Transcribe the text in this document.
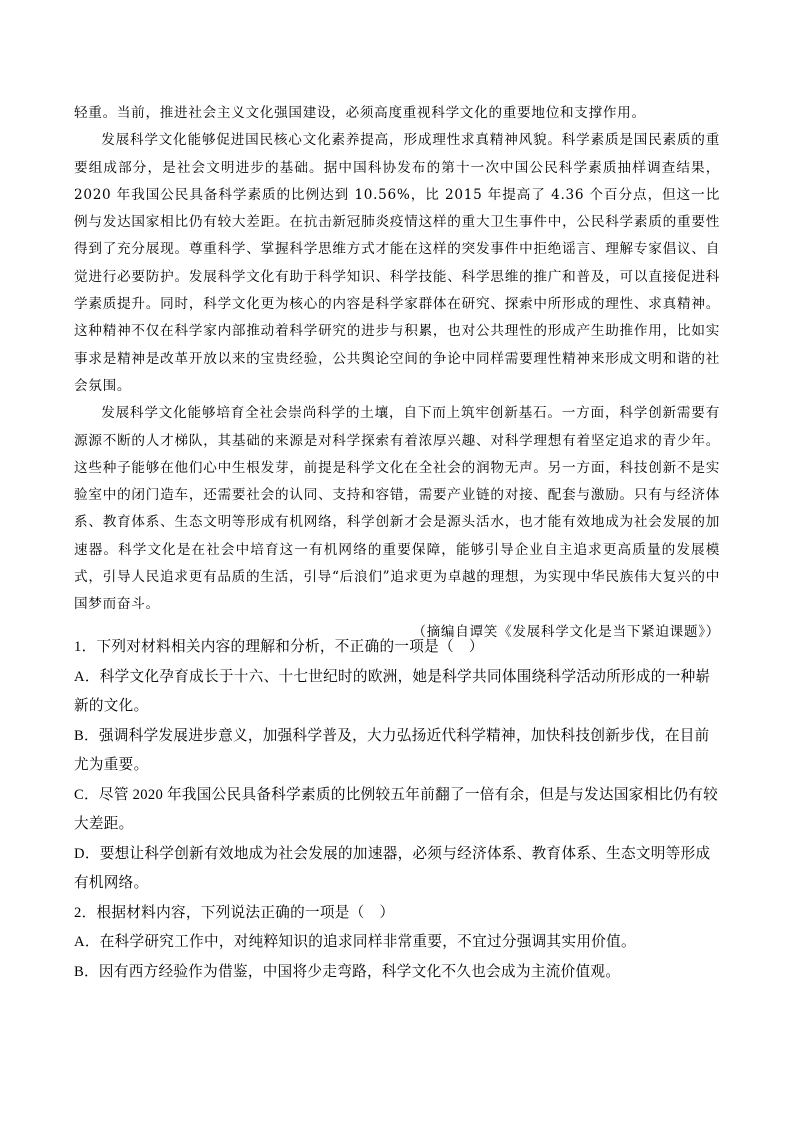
轻重。当前，推进社会主义文化强国建设，必须高度重视科学文化的重要地位和支撑作用。

发展科学文化能够促进国民核心文化素养提高，形成理性求真精神风貌。科学素质是国民素质的重要组成部分，是社会文明进步的基础。据中国科协发布的第十一次中国公民科学素质抽样调查结果，2020 年我国公民具备科学素质的比例达到 10.56%，比 2015 年提高了 4.36 个百分点，但这一比例与发达国家相比仍有较大差距。在抗击新冠肺炎疫情这样的重大卫生事件中，公民科学素质的重要性得到了充分展现。尊重科学、掌握科学思维方式才能在这样的突发事件中拒绝谣言、理解专家倡议、自觉进行必要防护。发展科学文化有助于科学知识、科学技能、科学思维的推广和普及，可以直接促进科学素质提升。同时，科学文化更为核心的内容是科学家群体在研究、探索中所形成的理性、求真精神。这种精神不仅在科学家内部推动着科学研究的进步与积累，也对公共理性的形成产生助推作用，比如实事求是精神是改革开放以来的宝贵经验，公共舆论空间的争论中同样需要理性精神来形成文明和谐的社会氛围。

发展科学文化能够培育全社会崇尚科学的土壤，自下而上筑牢创新基石。一方面，科学创新需要有源源不断的人才梯队，其基础的来源是对科学探索有着浓厚兴趣、对科学理想有着坚定追求的青少年。这些种子能够在他们心中生根发芽，前提是科学文化在全社会的润物无声。另一方面，科技创新不是实验室中的闭门造车，还需要社会的认同、支持和容错，需要产业链的对接、配套与激励。只有与经济体系、教育体系、生态文明等形成有机网络，科学创新才会是源头活水，也才能有效地成为社会发展的加速器。科学文化是在社会中培育这一有机网络的重要保障，能够引导企业自主追求更高质量的发展模式，引导人民追求更有品质的生活，引导“后浪们”追求更为卓越的理想，为实现中华民族伟大复兴的中国梦而奋斗。

（摘编自谭笑《发展科学文化是当下紧迫课题》）

1．下列对材料相关内容的理解和分析，不正确的一项是（　）

A．科学文化孕育成长于十六、十七世纪时的欧洲，她是科学共同体围绕科学活动所形成的一种崭新的文化。

B．强调科学发展进步意义，加强科学普及，大力弘扬近代科学精神，加快科技创新步伐，在目前尤为重要。

C．尽管 2020 年我国公民具备科学素质的比例较五年前翻了一倍有余，但是与发达国家相比仍有较大差距。

D．要想让科学创新有效地成为社会发展的加速器，必须与经济体系、教育体系、生态文明等形成有机网络。

2．根据材料内容，下列说法正确的一项是（　）

A．在科学研究工作中，对纯粹知识的追求同样非常重要，不宜过分强调其实用价值。

B．因有西方经验作为借鉴，中国将少走弯路，科学文化不久也会成为主流价值观。
